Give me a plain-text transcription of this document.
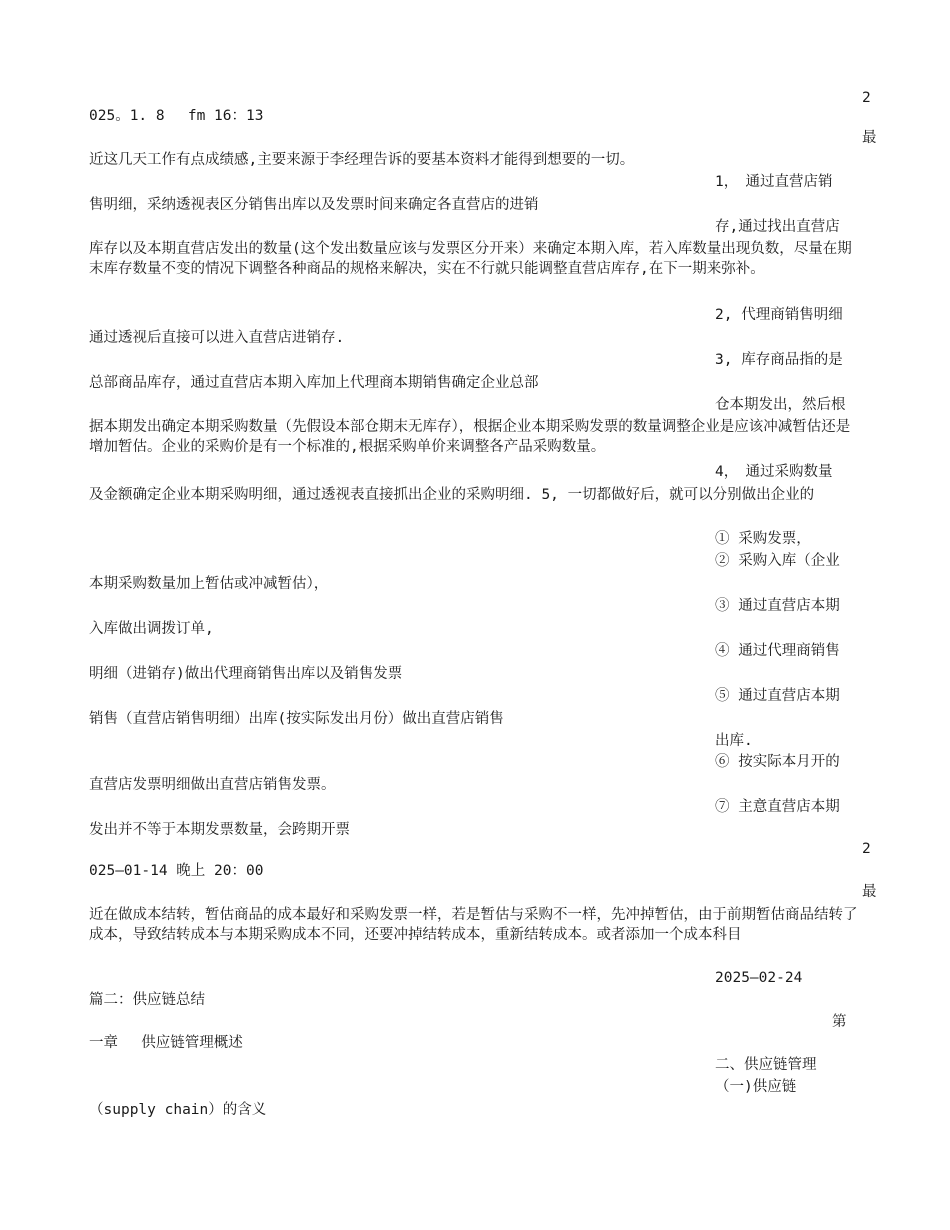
2
最
025。1. 8　 fm 16：13
近这几天工作有点成绩感,主要来源于李经理告诉的要基本资料才能得到想要的一切。
1，　通过直营店销
售明细，采纳透视表区分销售出库以及发票时间来确定各直营店的进销
存,通过找出直营店
库存以及本期直营店发出的数量(这个发出数量应该与发票区分开来）来确定本期入库，若入库数量出现负数，尽量在期末库存数量不变的情况下调整各种商品的规格来解决，实在不行就只能调整直营店库存,在下一期来弥补。
2, 代理商销售明细
通过透视后直接可以进入直营店进销存.
3, 库存商品指的是
总部商品库存，通过直营店本期入库加上代理商本期销售确定企业总部
仓本期发出，然后根
据本期发出确定本期采购数量（先假设本部仓期末无库存），根据企业本期采购发票的数量调整企业是应该冲减暂估还是增加暂估。企业的采购价是有一个标准的,根据采购单价来调整各产品采购数量。
4，　通过采购数量
及金额确定企业本期采购明细，通过透视表直接抓出企业的采购明细. 5, 一切都做好后，就可以分别做出企业的
① 采购发票，
② 采购入库（企业
本期采购数量加上暂估或冲减暂估），
③ 通过直营店本期
入库做出调拨订单,
④ 通过代理商销售
明细（进销存)做出代理商销售出库以及销售发票
⑤ 通过直营店本期
销售（直营店销售明细）出库(按实际发出月份）做出直营店销售
出库.
⑥ 按实际本月开的
直营店发票明细做出直营店销售发票。
⑦ 主意直营店本期
发出并不等于本期发票数量，会跨期开票
2
025—01-14 晚上 20：00
最
近在做成本结转，暂估商品的成本最好和采购发票一样，若是暂估与采购不一样，先冲掉暂估，由于前期暂估商品结转了成本，导致结转成本与本期采购成本不同，还要冲掉结转成本，重新结转成本。或者添加一个成本科目
2025—02-24
篇二：供应链总结
第
一章　 供应链管理概述
二、供应链管理
（一)供应链
（supply chain）的含义
